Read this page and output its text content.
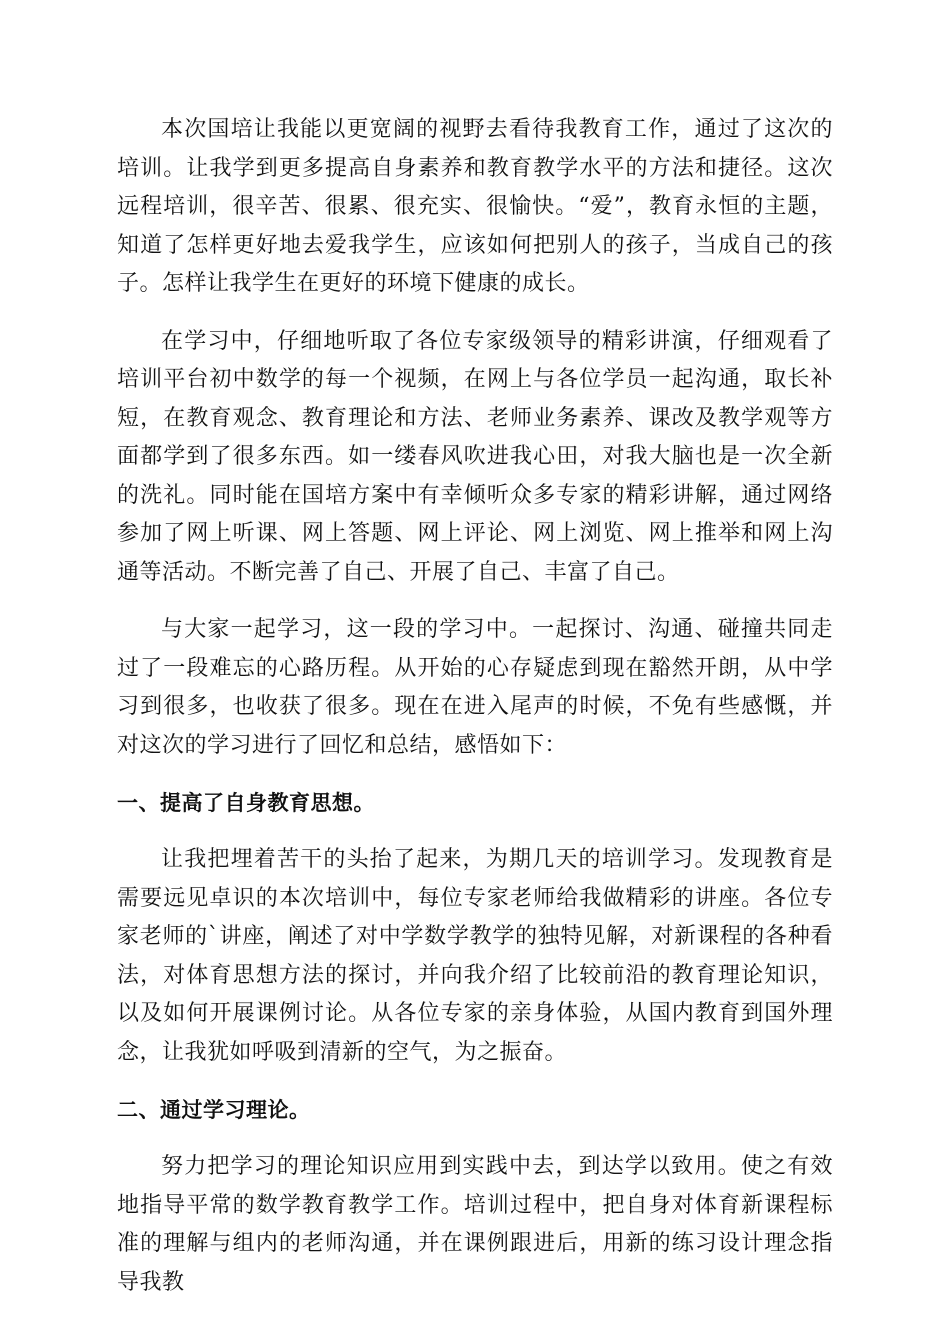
本次国培让我能以更宽阔的视野去看待我教育工作，通过了这次的培训。让我学到更多提高自身素养和教育教学水平的方法和捷径。这次远程培训，很辛苦、很累、很充实、很愉快。“爱”，教育永恒的主题，知道了怎样更好地去爱我学生，应该如何把别人的孩子，当成自己的孩子。怎样让我学生在更好的环境下健康的成长。

在学习中，仔细地听取了各位专家级领导的精彩讲演，仔细观看了培训平台初中数学的每一个视频，在网上与各位学员一起沟通，取长补短，在教育观念、教育理论和方法、老师业务素养、课改及教学观等方面都学到了很多东西。如一缕春风吹进我心田，对我大脑也是一次全新的洗礼。同时能在国培方案中有幸倾听众多专家的精彩讲解，通过网络参加了网上听课、网上答题、网上评论、网上浏览、网上推举和网上沟通等活动。不断完善了自己、开展了自己、丰富了自己。

与大家一起学习，这一段的学习中。一起探讨、沟通、碰撞共同走过了一段难忘的心路历程。从开始的心存疑虑到现在豁然开朗，从中学习到很多，也收获了很多。现在在进入尾声的时候，不免有些感慨，并对这次的学习进行了回忆和总结，感悟如下：

一、提高了自身教育思想。

让我把埋着苦干的头抬了起来，为期几天的培训学习。发现教育是需要远见卓识的本次培训中，每位专家老师给我做精彩的讲座。各位专家老师的`讲座，阐述了对中学数学教学的独特见解，对新课程的各种看法，对体育思想方法的探讨，并向我介绍了比较前沿的教育理论知识，以及如何开展课例讨论。从各位专家的亲身体验，从国内教育到国外理念，让我犹如呼吸到清新的空气，为之振奋。

二、通过学习理论。

努力把学习的理论知识应用到实践中去，到达学以致用。使之有效地指导平常的数学教育教学工作。培训过程中，把自身对体育新课程标准的理解与组内的老师沟通，并在课例跟进后，用新的练习设计理念指导我教
